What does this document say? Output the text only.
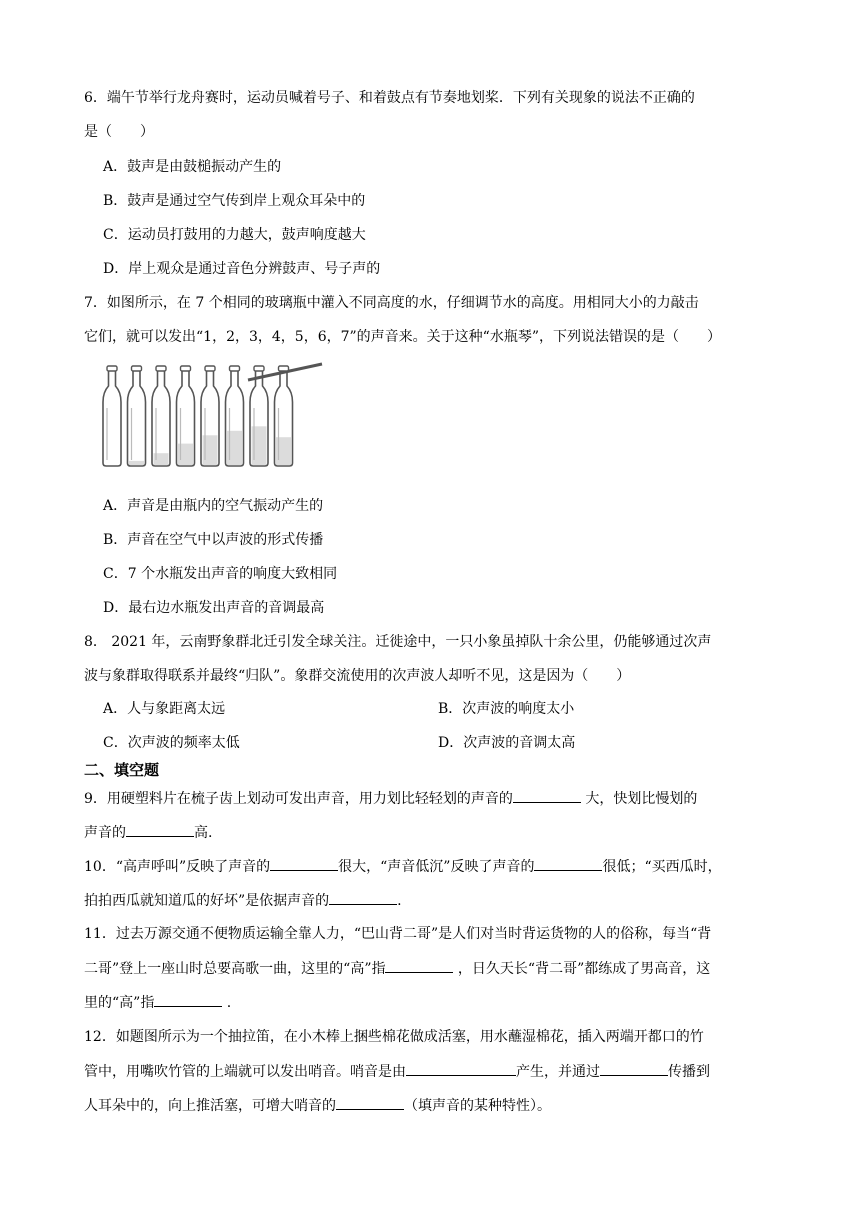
6．端午节举行龙舟赛时，运动员喊着号子、和着鼓点有节奏地划桨．下列有关现象的说法不正确的
是（　　）
A．鼓声是由鼓槌振动产生的
B．鼓声是通过空气传到岸上观众耳朵中的
C．运动员打鼓用的力越大，鼓声响度越大
D．岸上观众是通过音色分辨鼓声、号子声的
7．如图所示，在 7 个相同的玻璃瓶中灌入不同高度的水，仔细调节水的高度。用相同大小的力敲击
它们，就可以发出“1，2，3，4，5，6，7”的声音来。关于这种“水瓶琴”，下列说法错误的是（　　）
A．声音是由瓶内的空气振动产生的
B．声音在空气中以声波的形式传播
C．7 个水瓶发出声音的响度大致相同
D．最右边水瓶发出声音的音调最高
8． 2021 年，云南野象群北迁引发全球关注。迁徙途中，一只小象虽掉队十余公里，仍能够通过次声
波与象群取得联系并最终“归队”。象群交流使用的次声波人却听不见，这是因为（　　）
A．人与象距离太远	B．次声波的响度太小
C．次声波的频率太低	D．次声波的音调太高
二、填空题
9．用硬塑料片在梳子齿上划动可发出声音，用力划比轻轻划的声音的	大，快划比慢划的
声音的	高.
10．“高声呼叫”反映了声音的	很大，“声音低沉”反映了声音的	很低；“买西瓜时，
拍拍西瓜就知道瓜的好坏”是依据声音的	.
11．过去万源交通不便物质运输全靠人力，“巴山背二哥”是人们对当时背运货物的人的俗称，每当“背
二哥”登上一座山时总要高歌一曲，这里的“高”指	，日久天长“背二哥”都练成了男高音，这
里的“高”指	.
12．如题图所示为一个抽拉笛，在小木棒上捆些棉花做成活塞，用水蘸湿棉花，插入两端开都口的竹
管中，用嘴吹竹管的上端就可以发出哨音。哨音是由	产生，并通过	传播到
人耳朵中的，向上推活塞，可增大哨音的	（填声音的某种特性）。
